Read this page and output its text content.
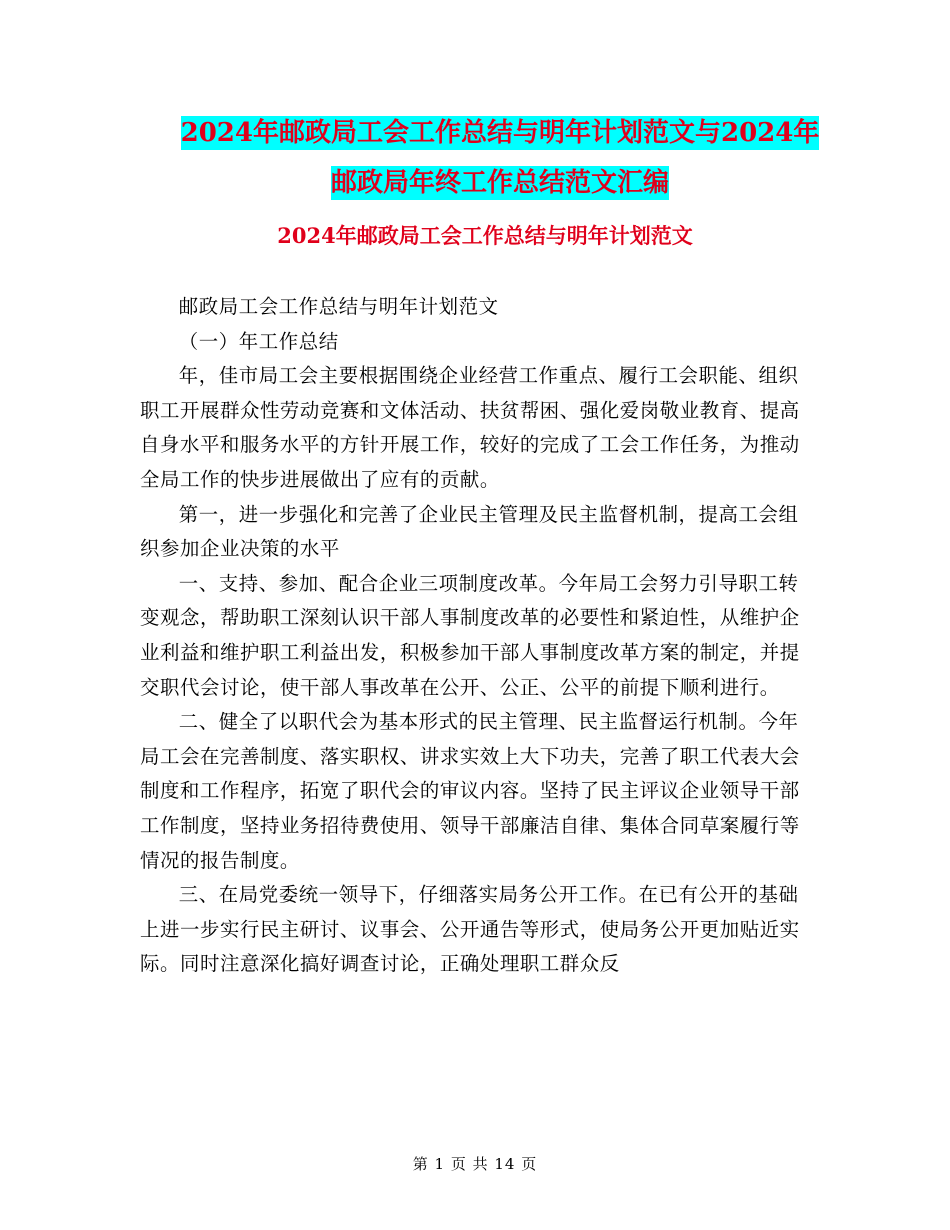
2024年邮政局工会工作总结与明年计划范文与2024年
邮政局年终工作总结范文汇编
2024年邮政局工会工作总结与明年计划范文

邮政局工会工作总结与明年计划范文

（一）年工作总结

年，佳市局工会主要根据围绕企业经营工作重点、履行工会职能、组织职工开展群众性劳动竞赛和文体活动、扶贫帮困、强化爱岗敬业教育、提高自身水平和服务水平的方针开展工作，较好的完成了工会工作任务，为推动全局工作的快步进展做出了应有的贡献。

第一，进一步强化和完善了企业民主管理及民主监督机制，提高工会组织参加企业决策的水平

一、支持、参加、配合企业三项制度改革。今年局工会努力引导职工转变观念，帮助职工深刻认识干部人事制度改革的必要性和紧迫性，从维护企业利益和维护职工利益出发，积极参加干部人事制度改革方案的制定，并提交职代会讨论，使干部人事改革在公开、公正、公平的前提下顺利进行。

二、健全了以职代会为基本形式的民主管理、民主监督运行机制。今年局工会在完善制度、落实职权、讲求实效上大下功夫，完善了职工代表大会制度和工作程序，拓宽了职代会的审议内容。坚持了民主评议企业领导干部工作制度，坚持业务招待费使用、领导干部廉洁自律、集体合同草案履行等情况的报告制度。

三、在局党委统一领导下，仔细落实局务公开工作。在已有公开的基础上进一步实行民主研讨、议事会、公开通告等形式，使局务公开更加贴近实际。同时注意深化搞好调查讨论，正确处理职工群众反

第 1 页 共 14 页
